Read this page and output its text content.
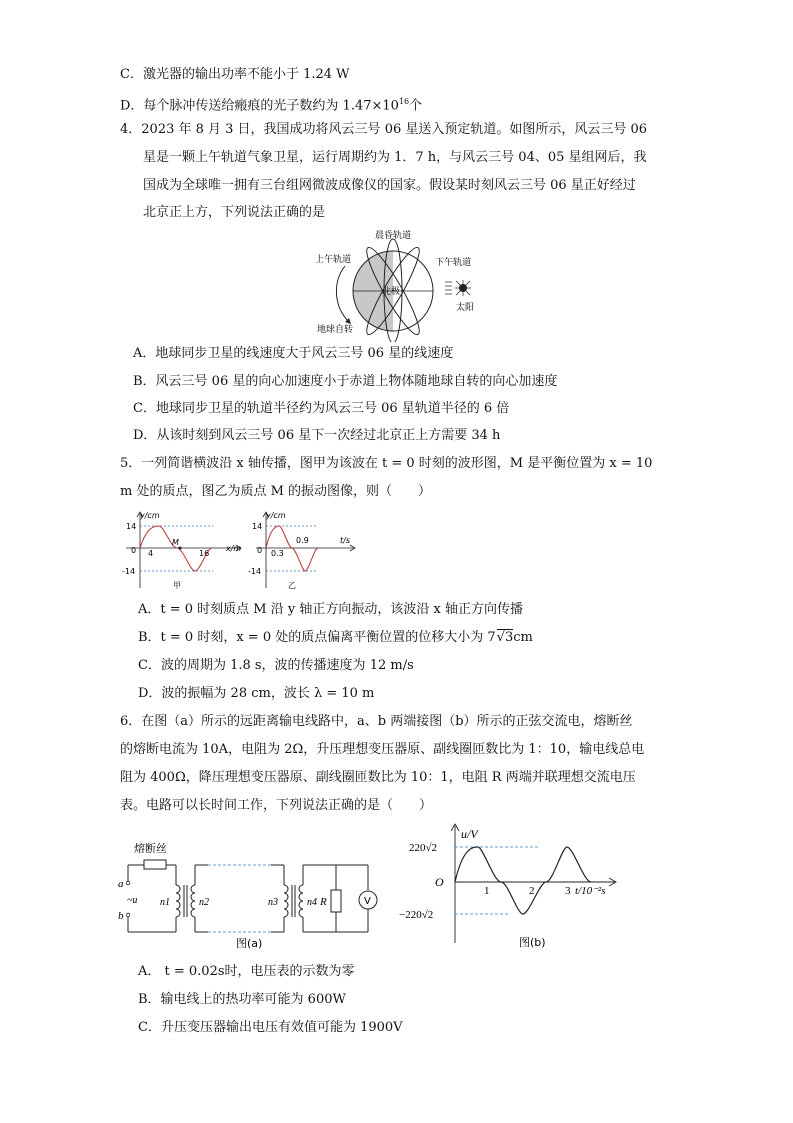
C．激光器的输出功率不能小于 1.24 W
D．每个脉冲传送给瘢痕的光子数约为 $1.47\times 10^{16}$个
4．2023 年 8 月 3 日，我国成功将风云三号 06 星送入预定轨道。如图所示，风云三号 06
星是一颗上午轨道气象卫星，运行周期约为 1．7 h，与风云三号 04、05 星组网后，我
国成为全球唯一拥有三台组网微波成像仪的国家。假设某时刻风云三号 06 星正好经过
北京正上方，下列说法正确的是
北极
上午轨道
晨昏轨道
下午轨道
地球自转
太阳
A．地球同步卫星的线速度大于风云三号 06 星的线速度
B．风云三号 06 星的向心加速度小于赤道上物体随地球自转的向心加速度
C．地球同步卫星的轨道半径约为风云三号 06 星轨道半径的 6 倍
D．从该时刻到风云三号 06 星下一次经过北京正上方需要 34 h
5．一列简谐横波沿 x 轴传播，图甲为该波在 t = 0 时刻的波形图，M 是平衡位置为 x = 10
m 处的质点，图乙为质点 M 的振动图像，则（　　）
y/cm
x/m
14
-14
0 4	16
M
甲
y/cm
t/s
14
-14
0 0.3
0.9
乙
A．t = 0 时刻质点 M 沿 y 轴正方向振动，该波沿 x 轴正方向传播
B．t = 0 时刻，x = 0 处的质点偏离平衡位置的位移大小为 7√3cm
C．波的周期为 1.8 s，波的传播速度为 12 m/s
D．波的振幅为 28 cm，波长 λ = 10 m
6．在图（a）所示的远距离输电线路中，a、b 两端接图（b）所示的正弦交流电，熔断丝
的熔断电流为 10A，电阻为 2Ω，升压理想变压器原、副线圈匝数比为 1：10，输电线总电
阻为 400Ω，降压理想变压器原、副线圈匝数比为 10：1，电阻 R 两端并联理想交流电压
表。电路可以长时间工作，下列说法正确的是（　　）
熔断丝
a
b
~u n1	n2	n3	n4 R	V
图(a)
u/V
O
220√2
−220√2
1	2	3 t/10⁻²s
图(b)
A． t = 0.02s时，电压表的示数为零
B．输电线上的热功率可能为 600W
C．升压变压器输出电压有效值可能为 1900V
